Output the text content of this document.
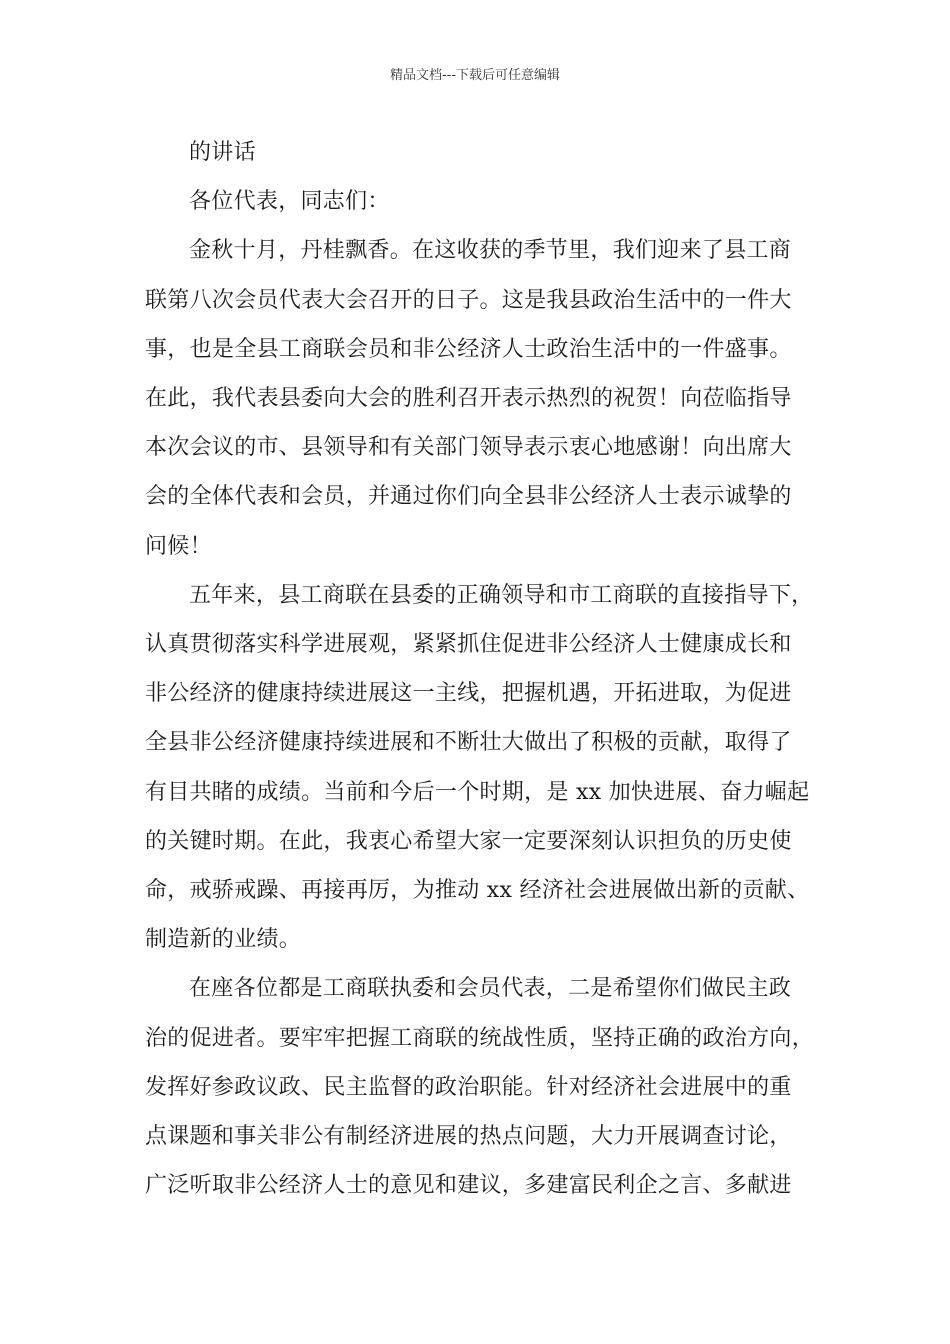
精品文档---下载后可任意编辑

的讲话

各位代表，同志们：

金秋十月，丹桂飘香。在这收获的季节里，我们迎来了县工商
联第八次会员代表大会召开的日子。这是我县政治生活中的一件大
事，也是全县工商联会员和非公经济人士政治生活中的一件盛事。
在此，我代表县委向大会的胜利召开表示热烈的祝贺！向莅临指导
本次会议的市、县领导和有关部门领导表示衷心地感谢！向出席大
会的全体代表和会员，并通过你们向全县非公经济人士表示诚挚的
问候！

五年来，县工商联在县委的正确领导和市工商联的直接指导下，
认真贯彻落实科学进展观，紧紧抓住促进非公经济人士健康成长和
非公经济的健康持续进展这一主线，把握机遇，开拓进取，为促进
全县非公经济健康持续进展和不断壮大做出了积极的贡献，取得了
有目共睹的成绩。当前和今后一个时期，是 xx 加快进展、奋力崛起
的关键时期。在此，我衷心希望大家一定要深刻认识担负的历史使
命，戒骄戒躁、再接再厉，为推动 xx 经济社会进展做出新的贡献、
制造新的业绩。

在座各位都是工商联执委和会员代表，二是希望你们做民主政
治的促进者。要牢牢把握工商联的统战性质，坚持正确的政治方向，
发挥好参政议政、民主监督的政治职能。针对经济社会进展中的重
点课题和事关非公有制经济进展的热点问题，大力开展调查讨论，
广泛听取非公经济人士的意见和建议，多建富民利企之言、多献进
